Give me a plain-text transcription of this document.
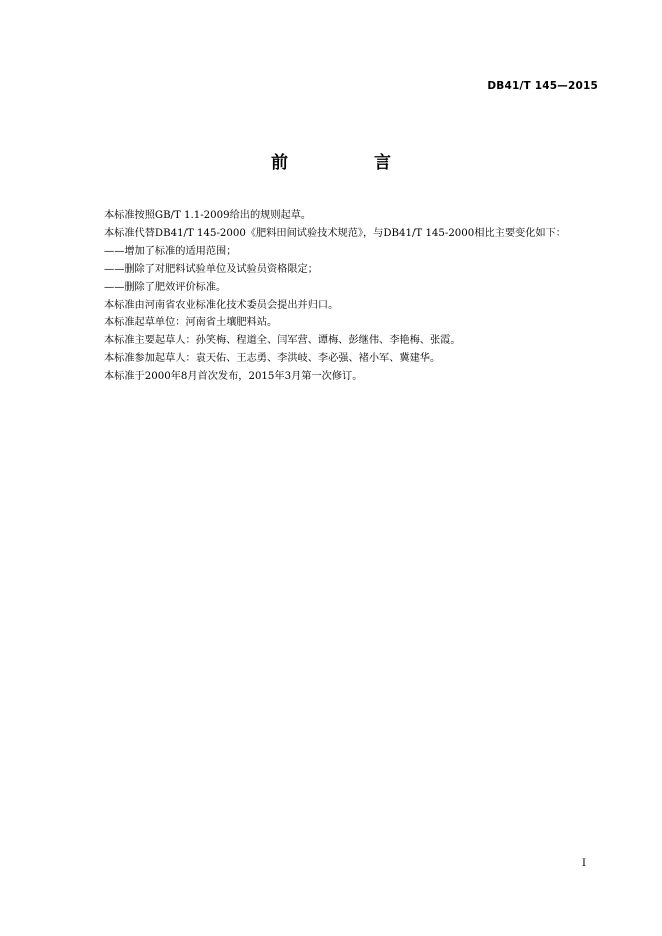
DB41/T 145—2015
前 言
本标准按照GB/T 1.1-2009给出的规则起草。
本标准代替DB41/T 145-2000《肥料田间试验技术规范》，与DB41/T 145-2000相比主要变化如下：
——增加了标准的适用范围；
——删除了对肥料试验单位及试验员资格限定；
——删除了肥效评价标准。
本标准由河南省农业标准化技术委员会提出并归口。
本标准起草单位：河南省土壤肥料站。
本标准主要起草人：孙笑梅、程道全、闫军营、谭梅、彭继伟、李艳梅、张霞。
本标准参加起草人：袁天佑、王志勇、李洪岐、李必强、褚小军、冀建华。
本标准于2000年8月首次发布，2015年3月第一次修订。
I
